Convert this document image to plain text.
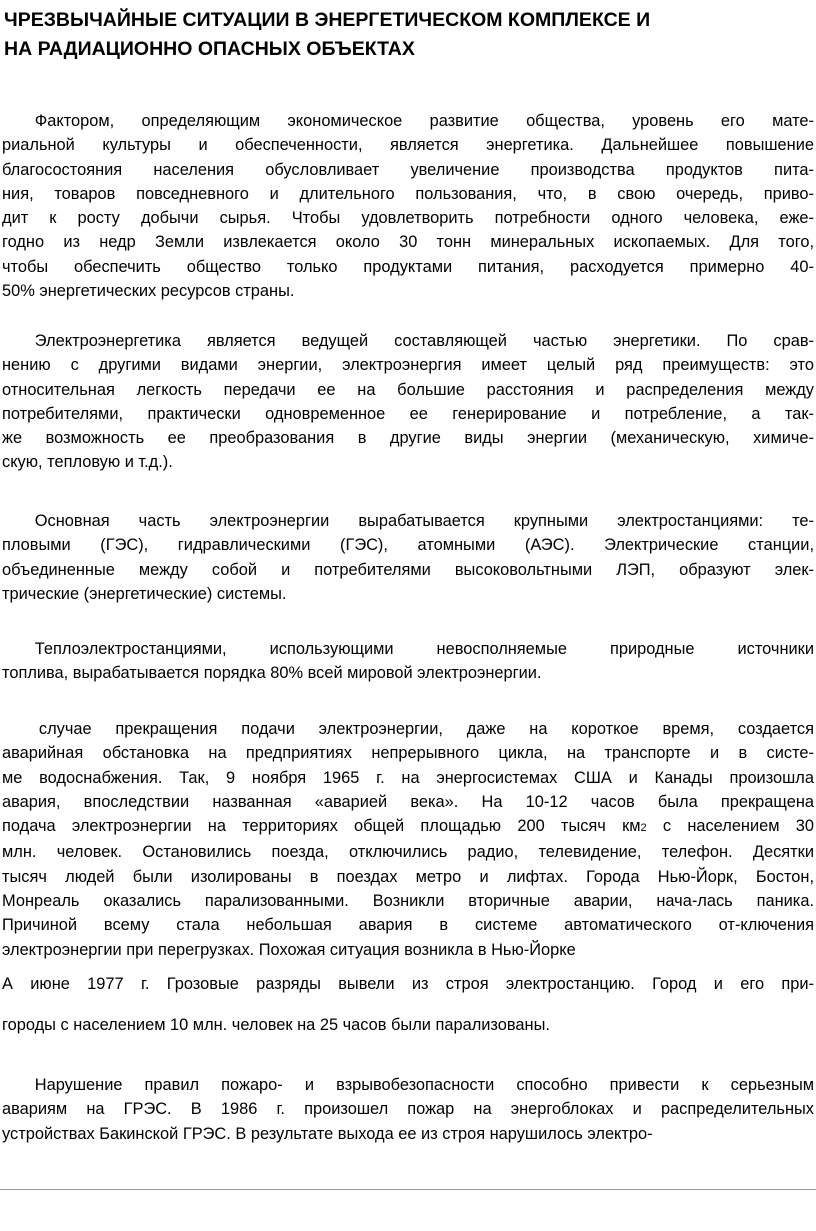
ЧРЕЗВЫЧАЙНЫЕ СИТУАЦИИ В ЭНЕРГЕТИЧЕСКОМ КОМПЛЕКСЕ И
НА РАДИАЦИОННО ОПАСНЫХ ОБЪЕКТАХ

Фактором, определяющим экономическое развитие общества, уровень его мате-
риальной культуры и обеспеченности, является энергетика. Дальнейшее повышение
благосостояния населения обусловливает увеличение производства продуктов пита-
ния, товаров повседневного и длительного пользования, что, в свою очередь, приво-
дит к росту добычи сырья. Чтобы удовлетворить потребности одного человека, еже-
годно из недр Земли извлекается около 30 тонн минеральных ископаемых. Для того,
чтобы обеспечить общество только продуктами питания, расходуется примерно 40-
50% энергетических ресурсов страны.

Электроэнергетика является ведущей составляющей частью энергетики. По срав-
нению с другими видами энергии, электроэнергия имеет целый ряд преимуществ: это
относительная легкость передачи ее на большие расстояния и распределения между
потребителями, практически одновременное ее генерирование и потребление, а так-
же возможность ее преобразования в другие виды энергии (механическую, химиче-
скую, тепловую и т.д.).

Основная часть электроэнергии вырабатывается крупными электростанциями: те-
пловыми (ГЭС), гидравлическими (ГЭС), атомными (АЭС). Электрические станции,
объединенные между собой и потребителями высоковольтными ЛЭП, образуют элек-
трические (энергетические) системы.

Теплоэлектростанциями, использующими невосполняемые природные источники
топлива, вырабатывается порядка 80% всей мировой электроэнергии.

случае прекращения подачи электроэнергии, даже на короткое время, создается
аварийная обстановка на предприятиях непрерывного цикла, на транспорте и в систе-
ме водоснабжения. Так, 9 ноября 1965 г. на энергосистемах США и Канады произошла
авария, впоследствии названная «аварией века». На 10-12 часов была прекращена
подача электроэнергии на территориях общей площадью 200 тысяч км2 с населением 30
млн. человек. Остановились поезда, отключились радио, телевидение, телефон. Десятки
тысяч людей были изолированы в поездах метро и лифтах. Города Нью-Йорк, Бостон,
Монреаль оказались парализованными. Возникли вторичные аварии, нача-лась паника.
Причиной всему стала небольшая авария в системе автоматического от-ключения
электроэнергии при перегрузках. Похожая ситуация возникла в Нью-Йорке

А июне 1977 г. Грозовые разряды вывели из строя электростанцию. Город и его при-

городы с населением 10 млн. человек на 25 часов были парализованы.

Нарушение правил пожаро- и взрывобезопасности способно привести к серьезным
авариям на ГРЭС. В 1986 г. произошел пожар на энергоблоках и распределительных
устройствах Бакинской ГРЭС. В результате выхода ее из строя нарушилось электро-
